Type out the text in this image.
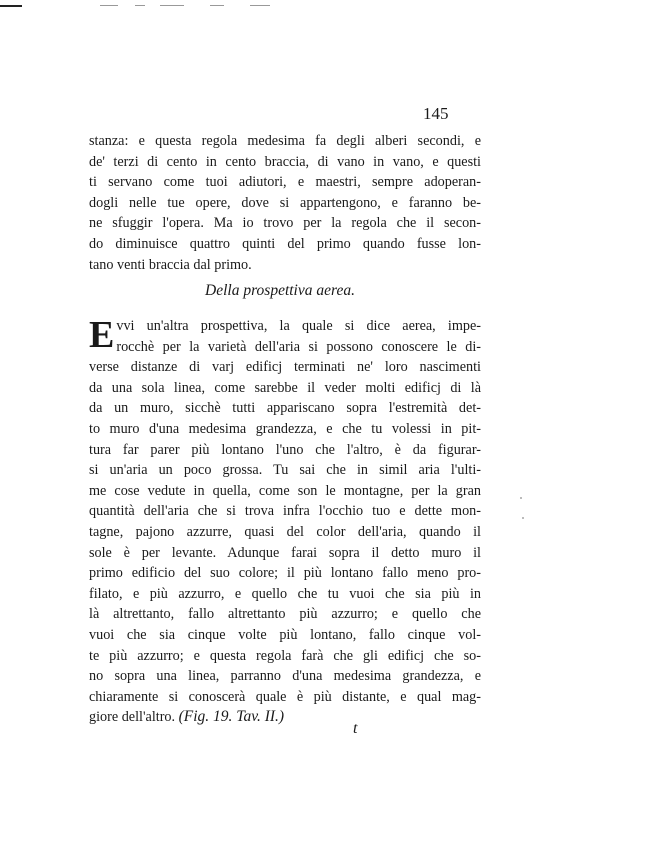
145
stanza: e questa regola medesima fa degli alberi secondi, e
de' terzi di cento in cento braccia, di vano in vano, e questi
ti servano come tuoi adiutori, e maestri, sempre adoperan-
dogli nelle tue opere, dove si appartengono, e faranno be-
ne sfuggir l'opera. Ma io trovo per la regola che il secon-
do diminuisce quattro quinti del primo quando fusse lon-
tano venti braccia dal primo.
Della prospettiva aerea.
E vvi un'altra prospettiva, la quale si dice aerea, impe-
rocchè per la varietà dell'aria si possono conoscere le di-
verse distanze di varj edificj terminati ne' loro nascimenti
da una sola linea, come sarebbe il veder molti edificj di là
da un muro, sicchè tutti appariscano sopra l'estremità det-
to muro d'una medesima grandezza, e che tu volessi in pit-
tura far parer più lontano l'uno che l'altro, è da figurar-
si un'aria un poco grossa. Tu sai che in simil aria l'ulti-
me cose vedute in quella, come son le montagne, per la gran
quantità dell'aria che si trova infra l'occhio tuo e dette mon-
tagne, pajono azzurre, quasi del color dell'aria, quando il
sole è per levante. Adunque farai sopra il detto muro il
primo edificio del suo colore; il più lontano fallo meno pro-
filato, e più azzurro, e quello che tu vuoi che sia più in
là altrettanto, fallo altrettanto più azzurro; e quello che
vuoi che sia cinque volte più lontano, fallo cinque vol-
te più azzurro; e questa regola farà che gli edificj che so-
no sopra una linea, parranno d'una medesima grandezza, e
chiaramente si conoscerà quale è più distante, e qual mag-
giore dell'altro. (Fig. 19. Tav. II.)
t
